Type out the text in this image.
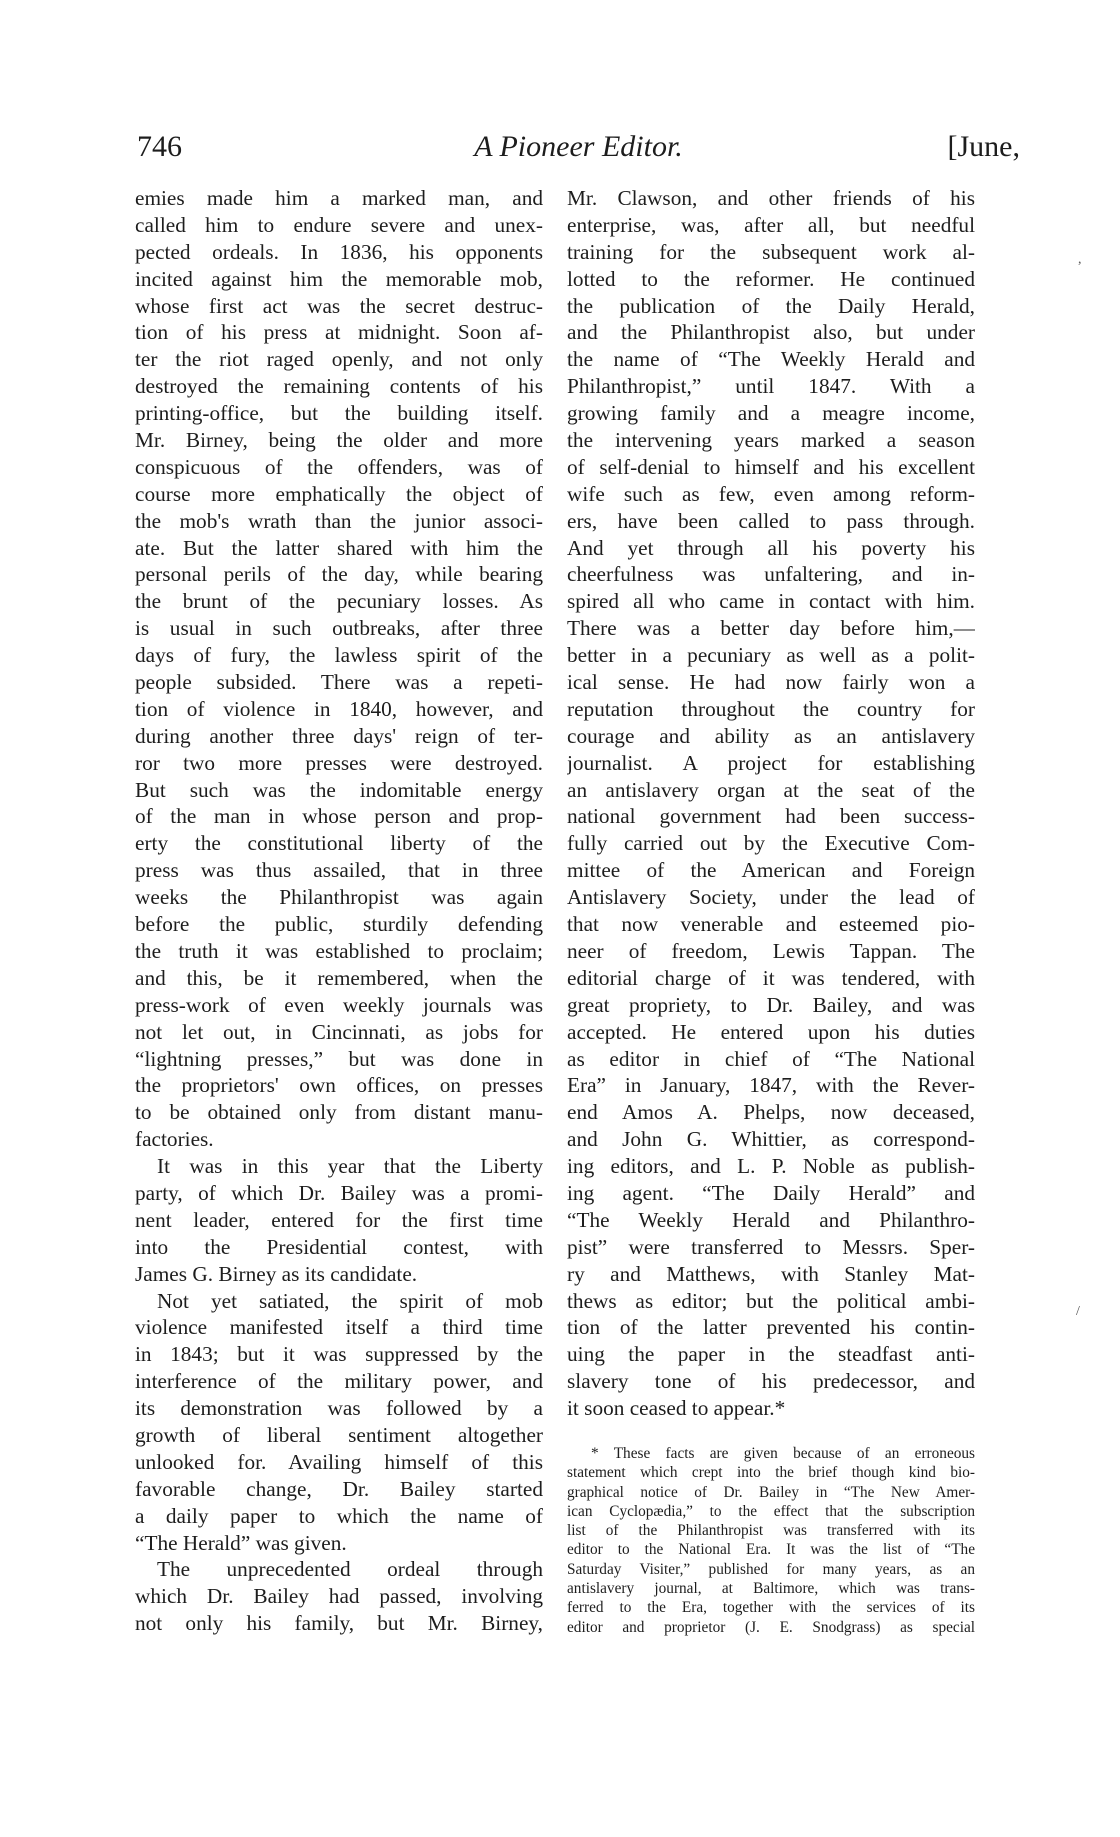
746	A Pioneer Editor.	[June,
emies made him a marked man, and
called him to endure severe and unex-
pected ordeals. In 1836, his opponents
incited against him the memorable mob,
whose first act was the secret destruc-
tion of his press at midnight. Soon af-
ter the riot raged openly, and not only
destroyed the remaining contents of his
printing-office, but the building itself.
Mr. Birney, being the older and more
conspicuous of the offenders, was of
course more emphatically the object of
the mob's wrath than the junior associ-
ate. But the latter shared with him the
personal perils of the day, while bearing
the brunt of the pecuniary losses. As
is usual in such outbreaks, after three
days of fury, the lawless spirit of the
people subsided. There was a repeti-
tion of violence in 1840, however, and
during another three days' reign of ter-
ror two more presses were destroyed.
But such was the indomitable energy
of the man in whose person and prop-
erty the constitutional liberty of the
press was thus assailed, that in three
weeks the Philanthropist was again
before the public, sturdily defending
the truth it was established to proclaim;
and this, be it remembered, when the
press-work of even weekly journals was
not let out, in Cincinnati, as jobs for
“lightning presses,” but was done in
the proprietors' own offices, on presses
to be obtained only from distant manu-
factories.
It was in this year that the Liberty
party, of which Dr. Bailey was a promi-
nent leader, entered for the first time
into the Presidential contest, with
James G. Birney as its candidate.
Not yet satiated, the spirit of mob
violence manifested itself a third time
in 1843; but it was suppressed by the
interference of the military power, and
its demonstration was followed by a
growth of liberal sentiment altogether
unlooked for. Availing himself of this
favorable change, Dr. Bailey started
a daily paper to which the name of
“The Herald” was given.
The unprecedented ordeal through
which Dr. Bailey had passed, involving
not only his family, but Mr. Birney,
Mr. Clawson, and other friends of his
enterprise, was, after all, but needful
training for the subsequent work al-
lotted to the reformer. He continued
the publication of the Daily Herald,
and the Philanthropist also, but under
the name of “The Weekly Herald and
Philanthropist,” until 1847. With a
growing family and a meagre income,
the intervening years marked a season
of self-denial to himself and his excellent
wife such as few, even among reform-
ers, have been called to pass through.
And yet through all his poverty his
cheerfulness was unfaltering, and in-
spired all who came in contact with him.
There was a better day before him,—
better in a pecuniary as well as a polit-
ical sense. He had now fairly won a
reputation throughout the country for
courage and ability as an antislavery
journalist. A project for establishing
an antislavery organ at the seat of the
national government had been success-
fully carried out by the Executive Com-
mittee of the American and Foreign
Antislavery Society, under the lead of
that now venerable and esteemed pio-
neer of freedom, Lewis Tappan. The
editorial charge of it was tendered, with
great propriety, to Dr. Bailey, and was
accepted. He entered upon his duties
as editor in chief of “The National
Era” in January, 1847, with the Rever-
end Amos A. Phelps, now deceased,
and John G. Whittier, as correspond-
ing editors, and L. P. Noble as publish-
ing agent. “The Daily Herald” and
“The Weekly Herald and Philanthro-
pist” were transferred to Messrs. Sper-
ry and Matthews, with Stanley Mat-
thews as editor; but the political ambi-
tion of the latter prevented his contin-
uing the paper in the steadfast anti-
slavery tone of his predecessor, and
it soon ceased to appear.*
* These facts are given because of an erroneous
statement which crept into the brief though kind bio-
graphical notice of Dr. Bailey in “The New Amer-
ican Cyclopædia,” to the effect that the subscription
list of the Philanthropist was transferred with its
editor to the National Era. It was the list of “The
Saturday Visiter,” published for many years, as an
antislavery journal, at Baltimore, which was trans-
ferred to the Era, together with the services of its
editor and proprietor (J. E. Snodgrass) as special
,
/
